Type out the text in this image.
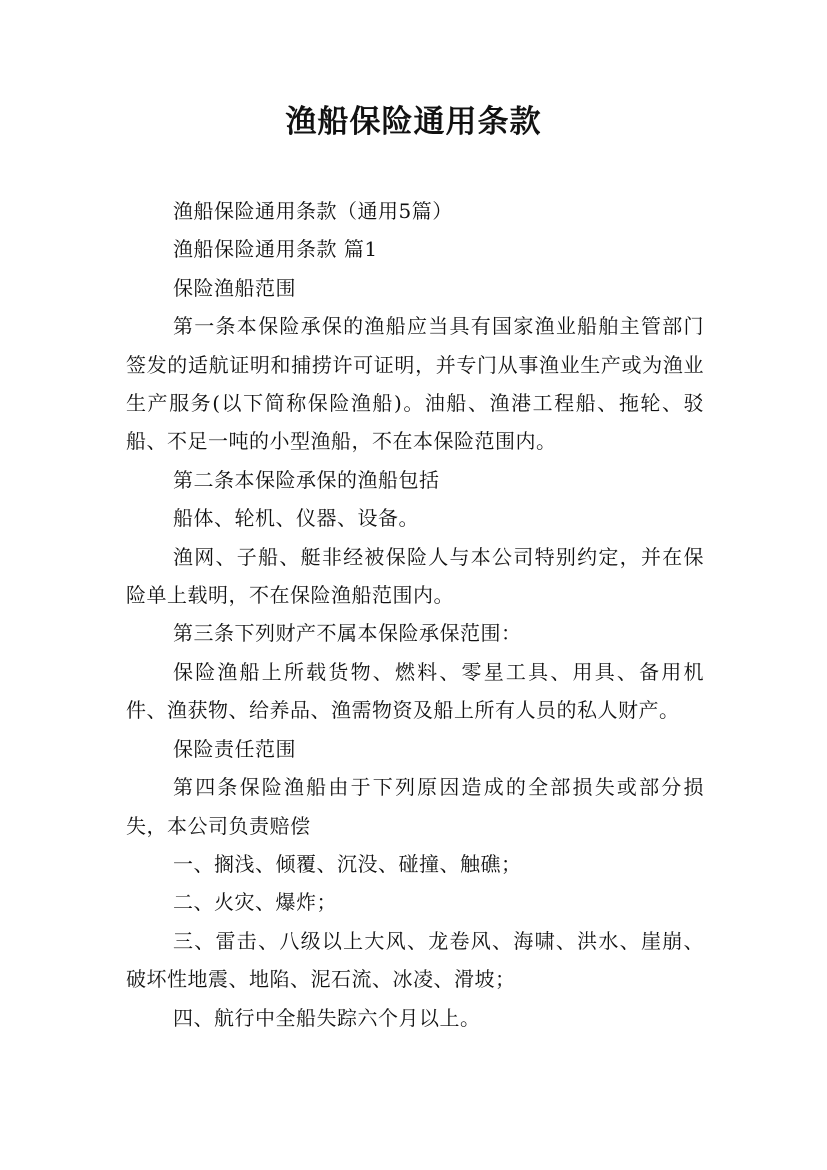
渔船保险通用条款

渔船保险通用条款（通用5篇）

渔船保险通用条款 篇1

保险渔船范围

第一条本保险承保的渔船应当具有国家渔业船舶主管部门签发的适航证明和捕捞许可证明，并专门从事渔业生产或为渔业生产服务(以下简称保险渔船)。油船、渔港工程船、拖轮、驳船、不足一吨的小型渔船，不在本保险范围内。

第二条本保险承保的渔船包括

船体、轮机、仪器、设备。

渔网、子船、艇非经被保险人与本公司特别约定，并在保险单上载明，不在保险渔船范围内。

第三条下列财产不属本保险承保范围：

保险渔船上所载货物、燃料、零星工具、用具、备用机件、渔获物、给养品、渔需物资及船上所有人员的私人财产。

保险责任范围

第四条保险渔船由于下列原因造成的全部损失或部分损失，本公司负责赔偿

一、搁浅、倾覆、沉没、碰撞、触礁；

二、火灾、爆炸；

三、雷击、八级以上大风、龙卷风、海啸、洪水、崖崩、破坏性地震、地陷、泥石流、冰凌、滑坡；

四、航行中全船失踪六个月以上。
